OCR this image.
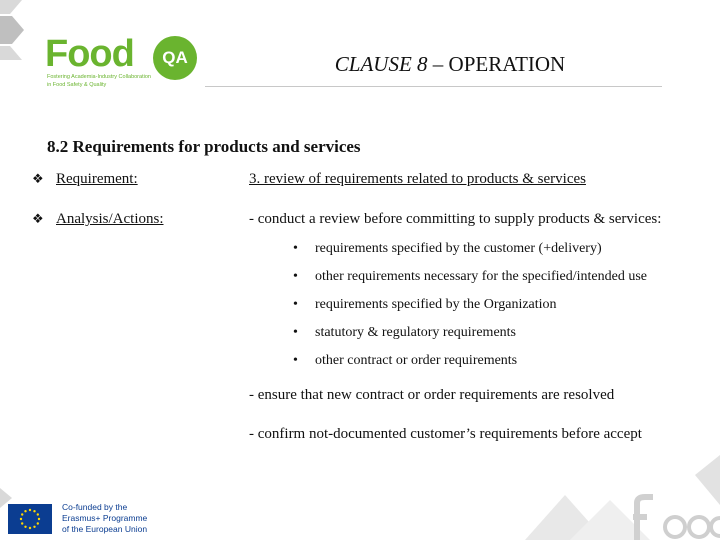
Food	QA
Fostering Academia-Industry Collaboration
in Food Safety & Quality
CLAUSE 8 – OPERATION
8.2 Requirements for products and services
❖ Requirement:	3. review of requirements related to products & services
❖ Analysis/Actions:	- conduct a review before committing to supply products & services:
• requirements specified by the customer (+delivery)
• other requirements necessary for the specified/intended use
• requirements specified by the Organization
• statutory & regulatory requirements
• other contract or order requirements
- ensure that new contract or order requirements are resolved
- confirm not-documented customer’s requirements before accept
Co-funded by the
Erasmus+ Programme
of the European Union
